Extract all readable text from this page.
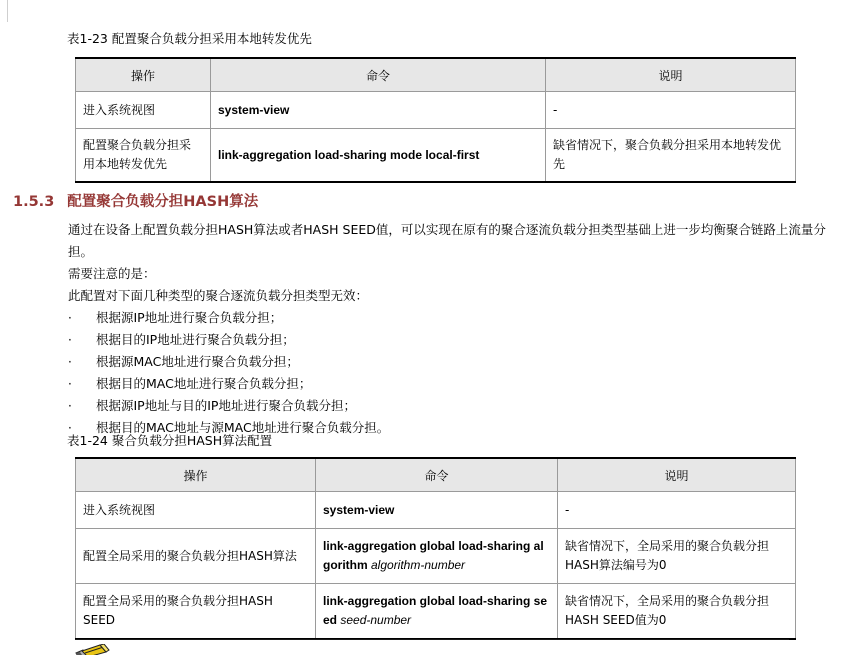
表1-23 配置聚合负载分担采用本地转发优先
操作	命令	说明
进入系统视图	system-view	-
配置聚合负载分担采用本地转发优先	link-aggregation load-sharing mode local-first	缺省情况下，聚合负载分担采用本地转发优先
1.5.3 配置聚合负载分担HASH算法
通过在设备上配置负载分担HASH算法或者HASH SEED值，可以实现在原有的聚合逐流负载分担类型基础上进一步均衡聚合链路上流量分担。
需要注意的是：
此配置对下面几种类型的聚合逐流负载分担类型无效：
·	根据源IP地址进行聚合负载分担；
·	根据目的IP地址进行聚合负载分担；
·	根据源MAC地址进行聚合负载分担；
·	根据目的MAC地址进行聚合负载分担；
·	根据源IP地址与目的IP地址进行聚合负载分担；
·	根据目的MAC地址与源MAC地址进行聚合负载分担。
表1-24 聚合负载分担HASH算法配置
操作	命令	说明
进入系统视图	system-view	-
配置全局采用的聚合负载分担HASH算法	link-aggregation global load-sharing algorithm algorithm-number	缺省情况下，全局采用的聚合负载分担HASH算法编号为0
配置全局采用的聚合负载分担HASH SEED	link-aggregation global load-sharing seed seed-number	缺省情况下，全局采用的聚合负载分担HASH SEED值为0
